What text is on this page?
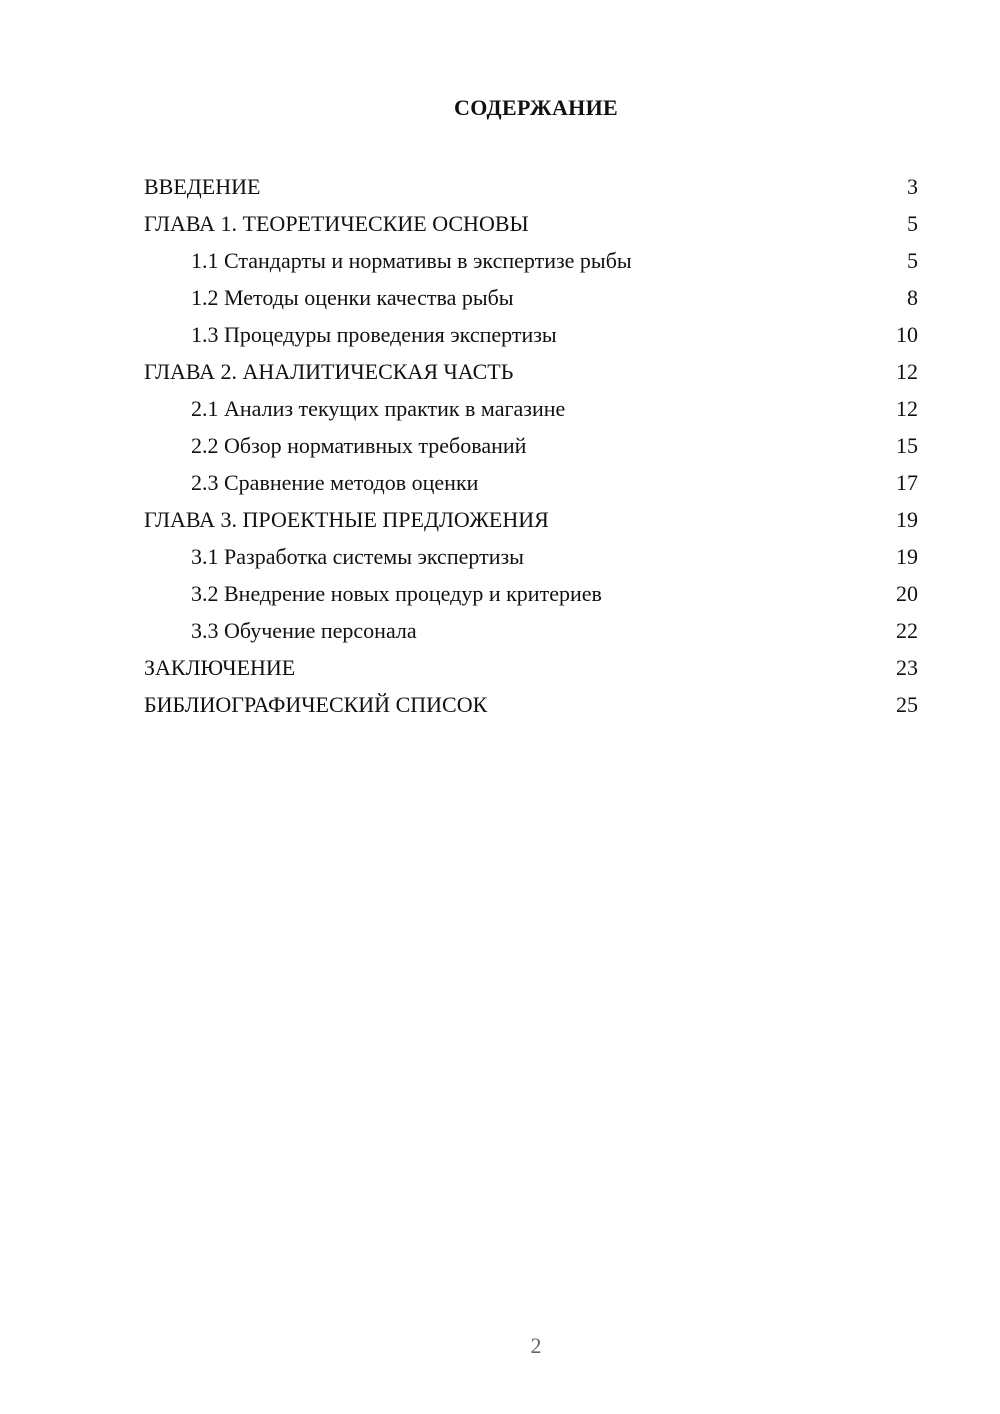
СОДЕРЖАНИЕ
ВВЕДЕНИЕ	3
ГЛАВА 1. ТЕОРЕТИЧЕСКИЕ ОСНОВЫ	5
1.1 Стандарты и нормативы в экспертизе рыбы	5
1.2 Методы оценки качества рыбы	8
1.3 Процедуры проведения экспертизы	10
ГЛАВА 2. АНАЛИТИЧЕСКАЯ ЧАСТЬ	12
2.1 Анализ текущих практик в магазине	12
2.2 Обзор нормативных требований	15
2.3 Сравнение методов оценки	17
ГЛАВА 3. ПРОЕКТНЫЕ ПРЕДЛОЖЕНИЯ	19
3.1 Разработка системы экспертизы	19
3.2 Внедрение новых процедур и критериев	20
3.3 Обучение персонала	22
ЗАКЛЮЧЕНИЕ	23
БИБЛИОГРАФИЧЕСКИЙ СПИСОК	25
2
